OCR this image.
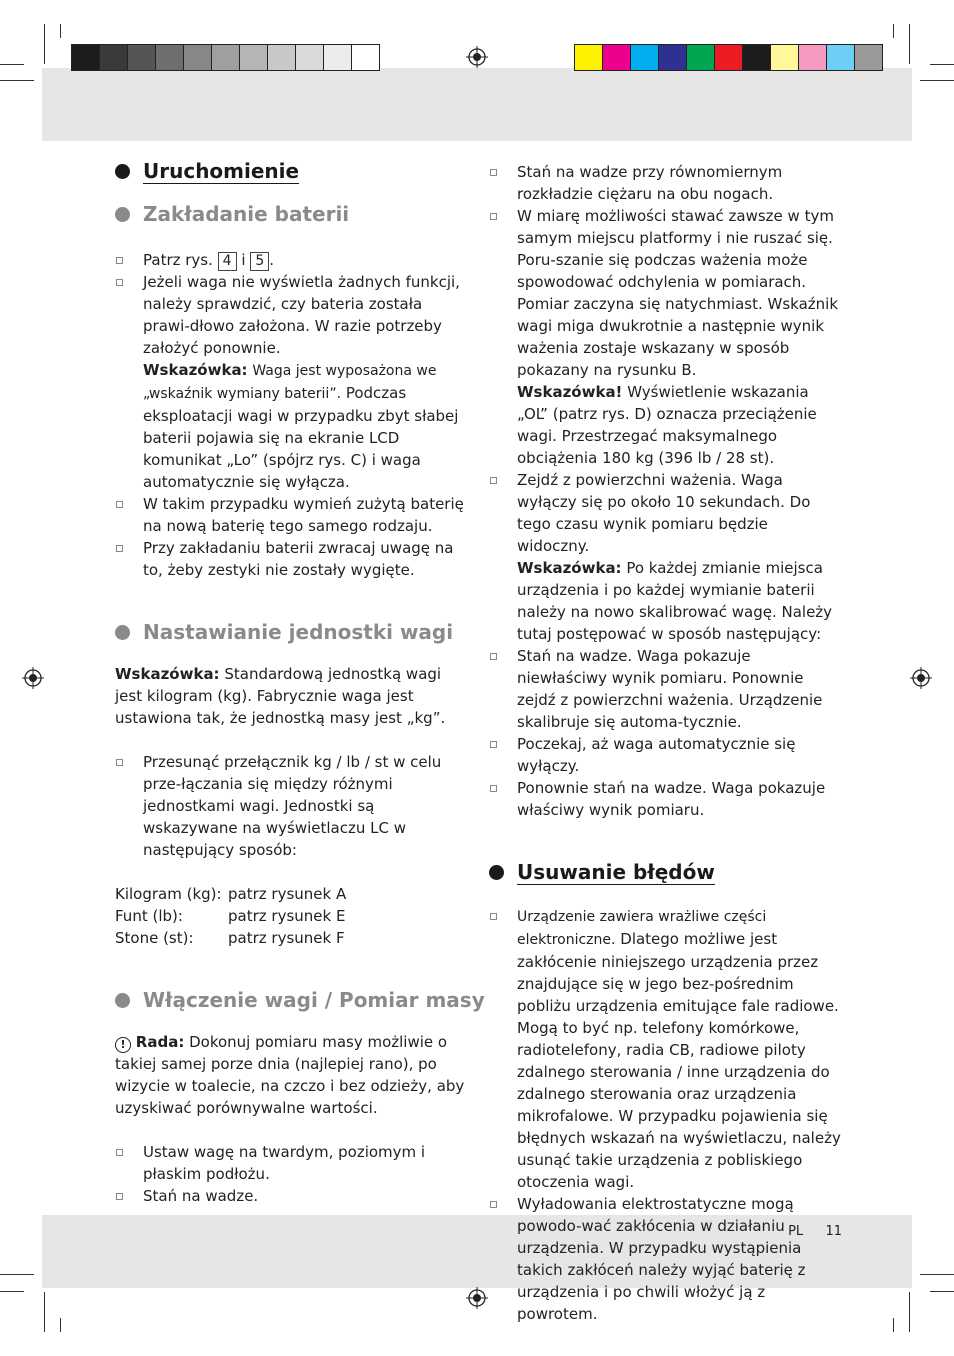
Uruchomienie
Zakładanie baterii

Patrz rys. 4 i 5 .

Jeżeli waga nie wyświetla żadnych funkcji, należy sprawdzić, czy bateria została prawi-dłowo założona. W razie potrzeby założyć ponownie.
Wskazówka: Waga jest wyposażona we „wskaźnik wymiany baterii”. Podczas eksploatacji wagi w przypadku zbyt słabej baterii pojawia się na ekranie LCD komunikat „Lo” (spójrz rys. C) i waga automatycznie się wyłącza.

W takim przypadku wymień zużytą baterię na nową baterię tego samego rodzaju.

Przy zakładaniu baterii zwracaj uwagę na to, żeby zestyki nie zostały wygięte.

Nastawianie jednostki wagi

Wskazówka: Standardową jednostką wagi jest kilogram (kg). Fabrycznie waga jest ustawiona tak, że jednostką masy jest „kg”.

Przesunąć przełącznik kg / lb / st w celu prze-łączania się między różnymi jednostkami wagi. Jednostki są wskazywane na wyświetlaczu LC w następujący sposób:

Kilogram (kg): patrz rysunek A
Funt (lb):	patrz rysunek E
Stone (st):	patrz rysunek F
Włączenie wagi / Pomiar masy

! Rada: Dokonuj pomiaru masy możliwie o takiej samej porze dnia (najlepiej rano), po wizycie w toalecie, na czczo i bez odzieży, aby uzyskiwać porównywalne wartości.

Ustaw wagę na twardym, poziomym i płaskim podłożu.

Stań na wadze.

Stań na wadze przy równomiernym rozkładzie ciężaru na obu nogach.

W miarę możliwości stawać zawsze w tym samym miejscu platformy i nie ruszać się. Poru-szanie się podczas ważenia może spowodować odchylenia w pomiarach. Pomiar zaczyna się natychmiast. Wskaźnik wagi miga dwukrotnie a następnie wynik ważenia zostaje wskazany w sposób pokazany na rysunku B.
Wskazówka! Wyświetlenie wskazania „OL” (patrz rys. D) oznacza przeciążenie wagi. Przestrzegać maksymalnego obciążenia 180 kg (396 lb / 28 st).

Zejdź z powierzchni ważenia. Waga wyłączy się po około 10 sekundach. Do tego czasu wynik pomiaru będzie widoczny.
Wskazówka: Po każdej zmianie miejsca urządzenia i po każdej wymianie baterii należy na nowo skalibrować wagę. Należy tutaj postępować w sposób następujący:

Stań na wadze. Waga pokazuje niewłaściwy wynik pomiaru. Ponownie zejdź z powierzchni ważenia. Urządzenie skalibruje się automa-tycznie.

Poczekaj, aż waga automatycznie się wyłączy.

Ponownie stań na wadze. Waga pokazuje właściwy wynik pomiaru.

Usuwanie błędów

Urządzenie zawiera wrażliwe części elektroniczne. Dlatego możliwe jest zakłócenie niniejszego urządzenia przez znajdujące się w jego bez-pośrednim pobliżu urządzenia emitujące fale radiowe. Mogą to być np. telefony komórkowe, radiotelefony, radia CB, radiowe piloty zdalnego sterowania / inne urządzenia do zdalnego sterowania oraz urządzenia mikrofalowe. W przypadku pojawienia się błędnych wskazań na wyświetlaczu, należy usunąć takie urządzenia z pobliskiego otoczenia wagi.

Wyładowania elektrostatyczne mogą powodo-wać zakłócenia w działaniu urządzenia. W przypadku wystąpienia takich zakłóceń należy wyjąć baterię z urządzenia i po chwili włożyć ją z powrotem.

PL 11
